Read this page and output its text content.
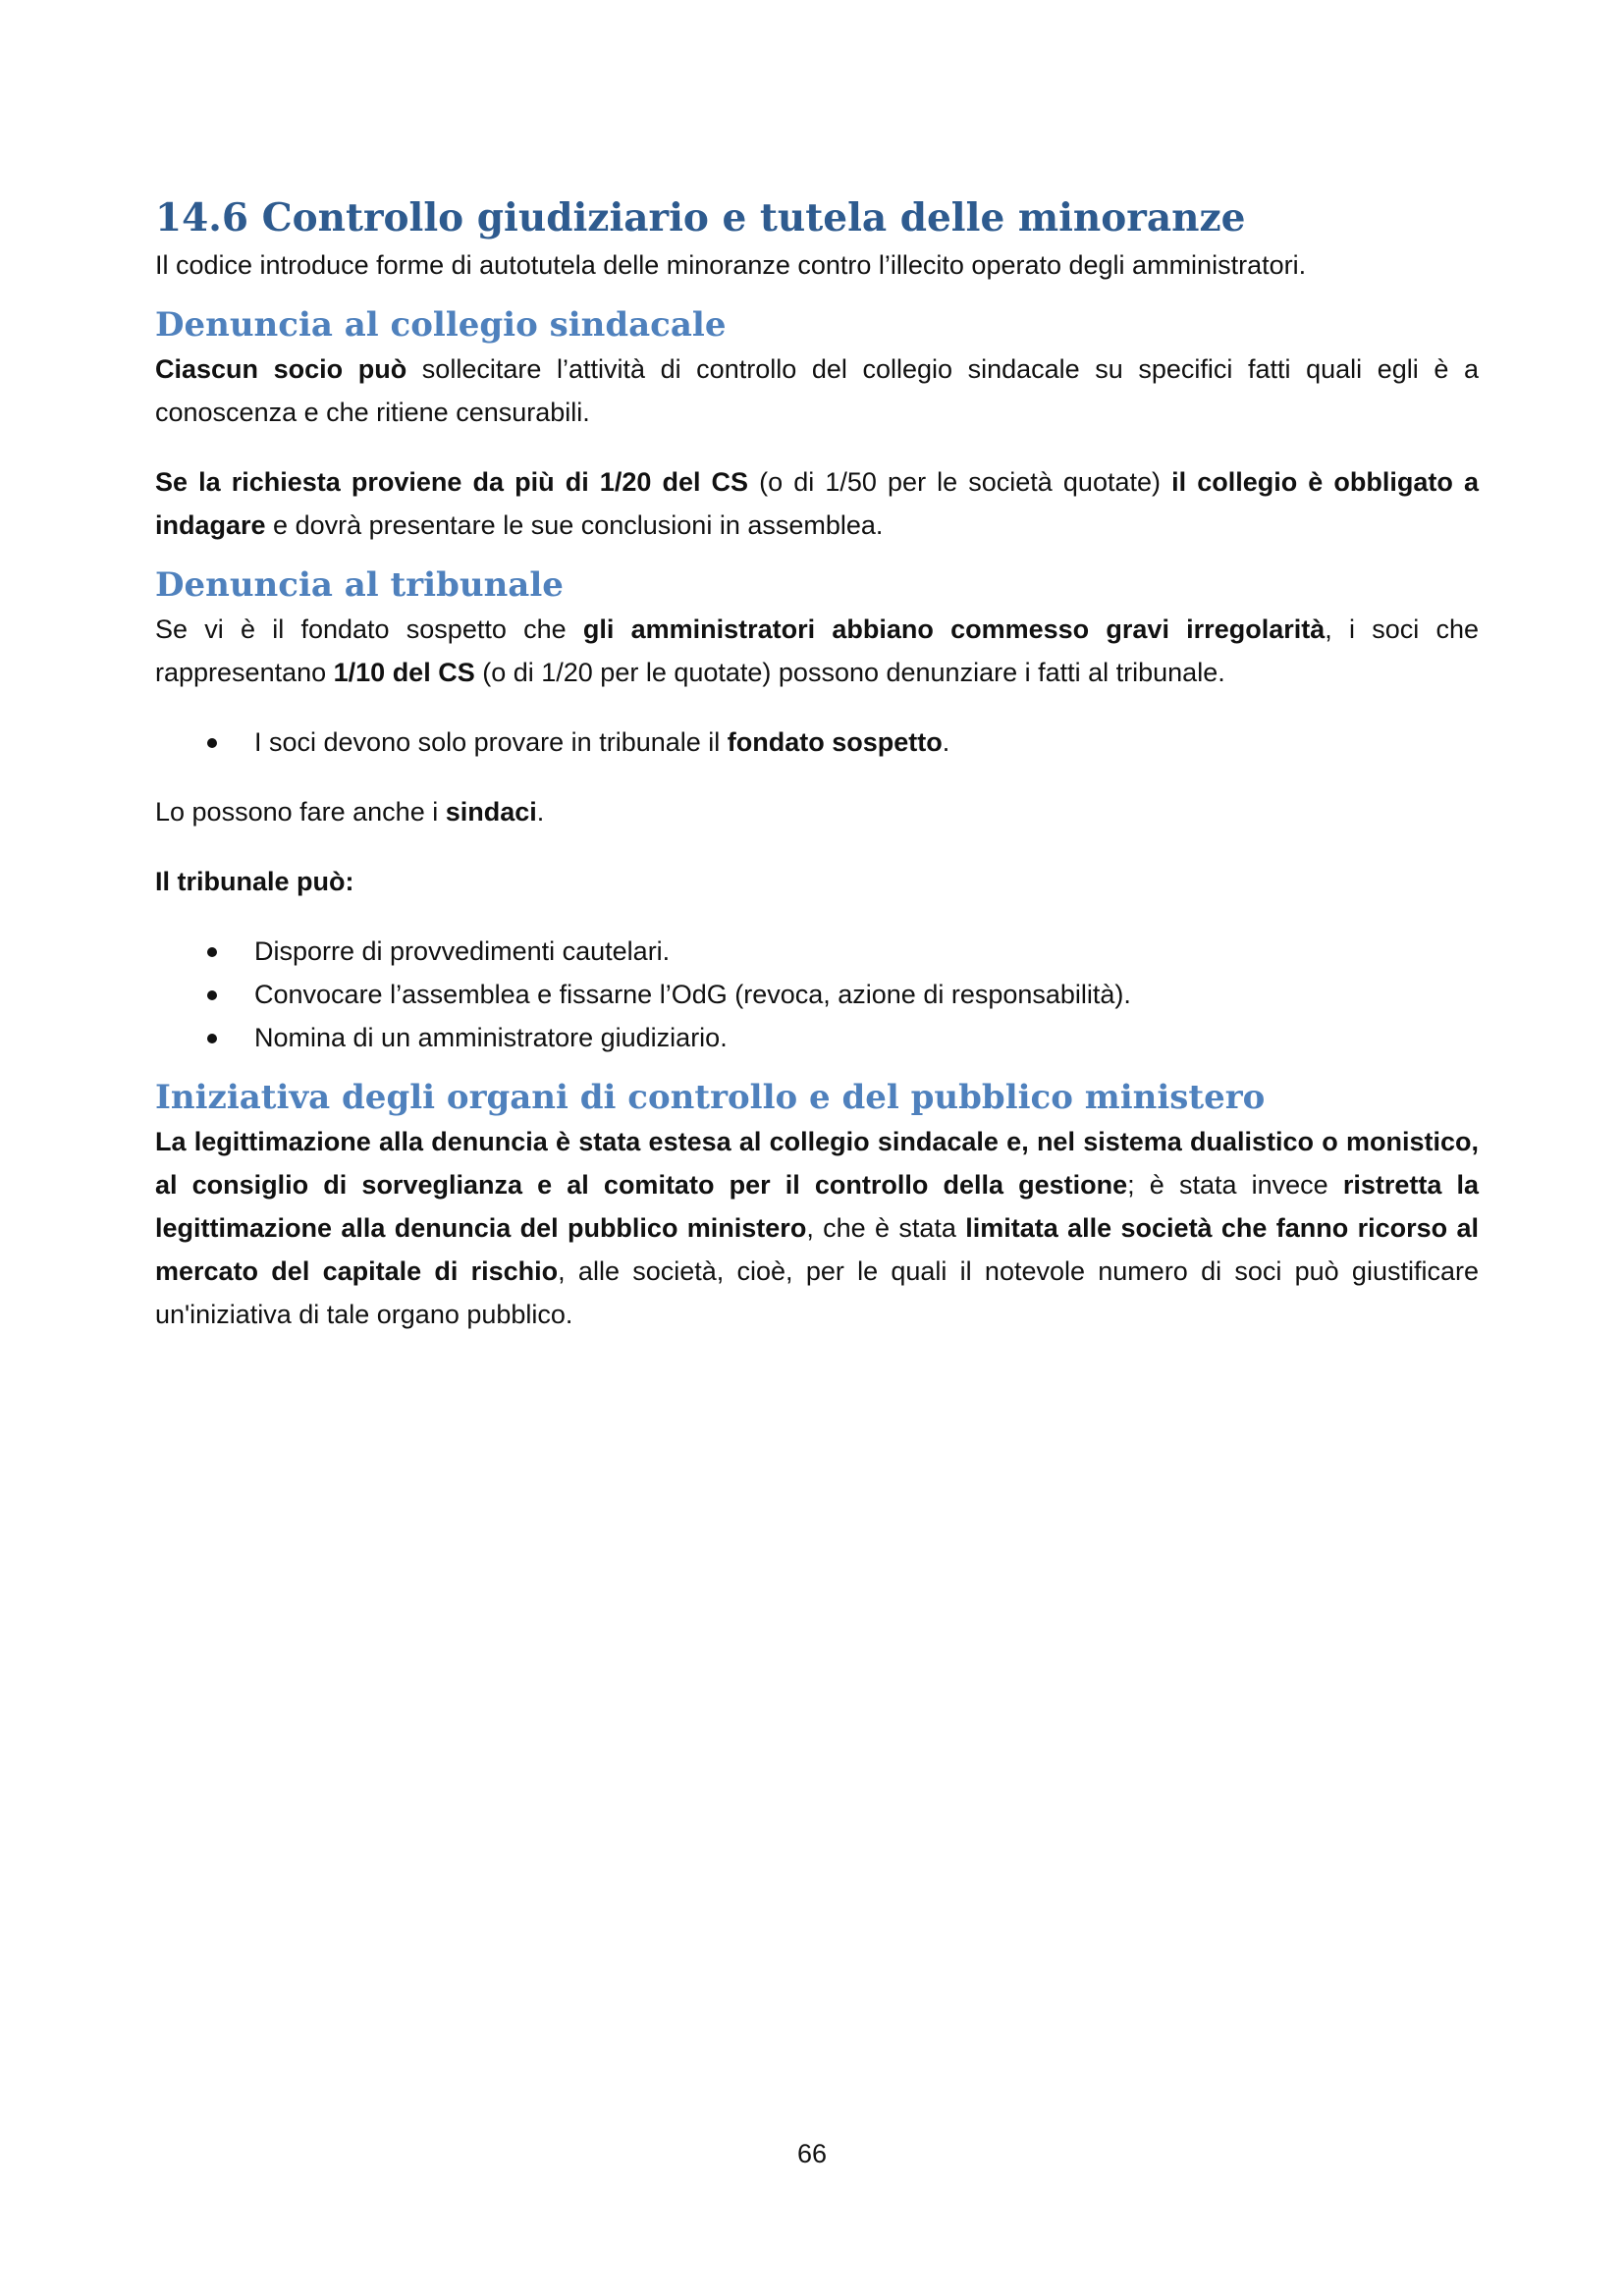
14.6 Controllo giudiziario e tutela delle minoranze

Il codice introduce forme di autotutela delle minoranze contro l’illecito operato degli amministratori.

Denuncia al collegio sindacale

Ciascun socio può sollecitare l’attività di controllo del collegio sindacale su specifici fatti quali egli è a conoscenza e che ritiene censurabili.

Se la richiesta proviene da più di 1/20 del CS (o di 1/50 per le società quotate) il collegio è obbligato a indagare e dovrà presentare le sue conclusioni in assemblea.

Denuncia al tribunale

Se vi è il fondato sospetto che gli amministratori abbiano commesso gravi irregolarità, i soci che rappresentano 1/10 del CS (o di 1/20 per le quotate) possono denunziare i fatti al tribunale.

I soci devono solo provare in tribunale il fondato sospetto.

Lo possono fare anche i sindaci.

Il tribunale può:

Disporre di provvedimenti cautelari.
Convocare l’assemblea e fissarne l’OdG (revoca, azione di responsabilità).
Nomina di un amministratore giudiziario.
Iniziativa degli organi di controllo e del pubblico ministero

La legittimazione alla denuncia è stata estesa al collegio sindacale e, nel sistema dualistico o monistico, al consiglio di sorveglianza e al comitato per il controllo della gestione; è stata invece ristretta la legittimazione alla denuncia del pubblico ministero, che è stata limitata alle società che fanno ricorso al mercato del capitale di rischio, alle società, cioè, per le quali il notevole numero di soci può giustificare un'iniziativa di tale organo pubblico.

66
